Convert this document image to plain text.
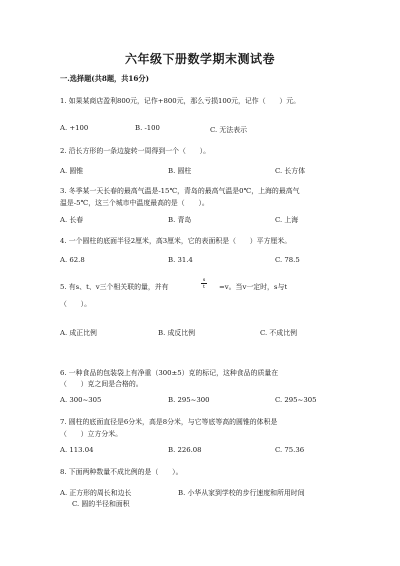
六年级下册数学期末测试卷
一.选择题(共8题，共16分)
1. 如果某商店盈利800元，记作+800元，那么亏损100元，记作（　　）元。
A. +100	B. -100	C. 无法表示
2. 沿长方形的一条边旋转一周得到一个（　　）。
A. 圆锥	B. 圆柱	C. 长方体
3. 冬季某一天长春的最高气温是-15℃，青岛的最高气温是0℃，上海的最高气
温是-5℃，这三个城市中温度最高的是（　　）。
A. 长春	B. 青岛	C. 上海
4. 一个圆柱的底面半径2厘米，高3厘米，它的表面积是（　　）平方厘米。
A. 62.8	B. 31.4	C. 78.5
5. 有s、t、v三个相关联的量，并有
s
t	=v。当v一定时，s与t
（　　）。
A. 成正比例	B. 成反比例	C. 不成比例
6. 一种食品的包装袋上有净重（300±5）克的标记，这种食品的质量在
（　　）克之间是合格的。
A. 300~305	B. 295~300	C. 295~305
7. 圆柱的底面直径是6分米，高是8分米，与它等底等高的圆锥的体积是
（　　）立方分米。
A. 113.04	B. 226.08	C. 75.36
8. 下面两种数量不成比例的是（　　）。
A. 正方形的周长和边长	B. 小华从家到学校的步行速度和所用时间
C. 圆的半径和面积
